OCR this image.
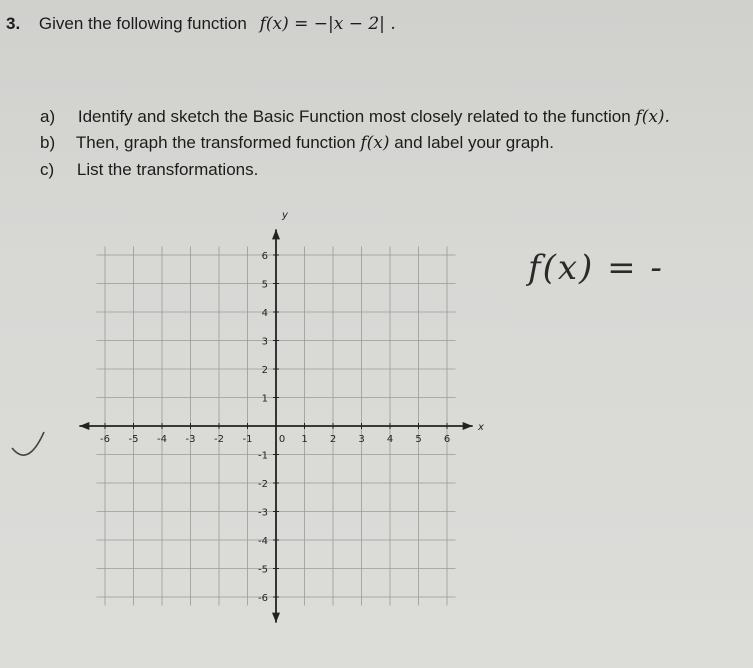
3. Given the following function f(x) = −|x − 2| .
a) Identify and sketch the Basic Function most closely related to the function f(x).
b) Then, graph the transformed function f(x) and label your graph.
c) List the transformations.
f(x) = -
-6 -5 -4 -3 -2 -1	0 1 2 3 4 5 6
6
5
4
3
2
1
-1
-2
-3
-4
-5
-6
x
y
